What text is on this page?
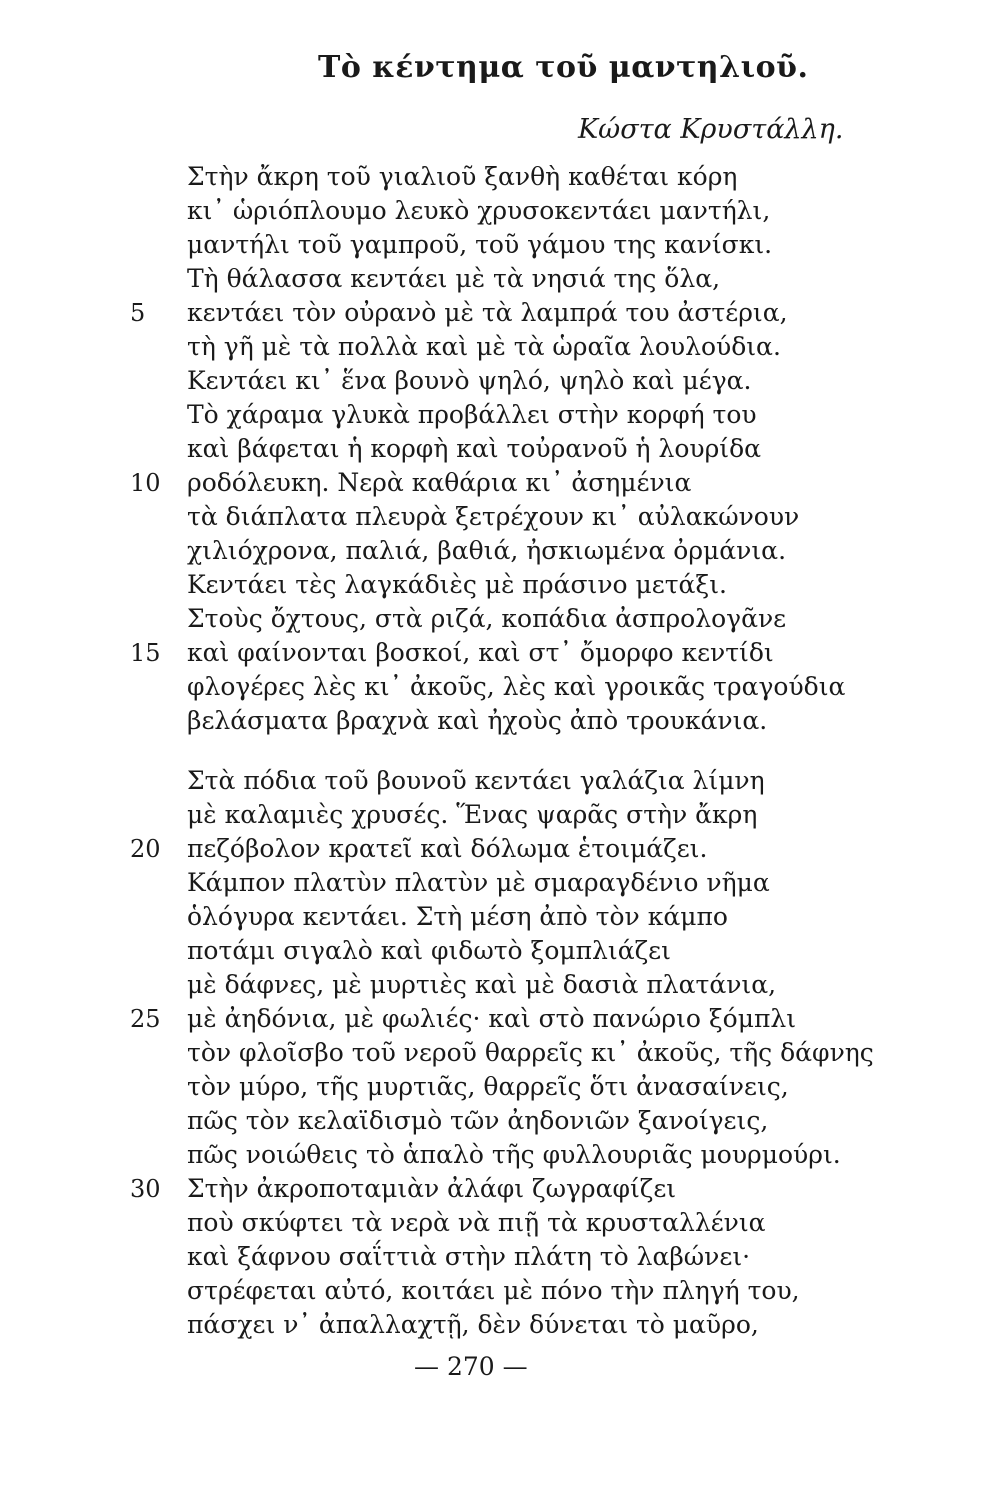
Τὸ κέντημα τοῦ μαντηλιοῦ.
Κώστα Κρυστάλλη.
Στὴν ἄκρη τοῦ γιαλιοῦ ξανθὴ καθέται κόρη
κι᾽ ὡριόπλουμο λευκὸ χρυσοκεντάει μαντήλι,
μαντήλι τοῦ γαμπροῦ, τοῦ γάμου της κανίσκι.
Τὴ θάλασσα κεντάει μὲ τὰ νησιά της ὅλα,
5 κεντάει τὸν οὐρανὸ μὲ τὰ λαμπρά του ἀστέρια,
τὴ γῆ μὲ τὰ πολλὰ καὶ μὲ τὰ ὡραῖα λουλούδια.
Κεντάει κι᾽ ἕνα βουνὸ ψηλό, ψηλὸ καὶ μέγα.
Τὸ χάραμα γλυκὰ προβάλλει στὴν κορφή του
καὶ βάφεται ἡ κορφὴ καὶ τοὐρανοῦ ἡ λουρίδα
10 ροδόλευκη. Νερὰ καθάρια κι᾽ ἀσημένια
τὰ διάπλατα πλευρὰ ξετρέχουν κι᾽ αὐλακώνουν
χιλιόχρονα, παλιά, βαθιά, ἠσκιωμένα ὀρμάνια.
Κεντάει τὲς λαγκάδιὲς μὲ πράσινο μετάξι.
Στοὺς ὄχτους, στὰ ριζά, κοπάδια ἀσπρολογᾶνε
15 καὶ φαίνονται βοσκοί, καὶ στ᾽ ὄμορφο κεντίδι
φλογέρες λὲς κι᾽ ἀκοῦς, λὲς καὶ γροικᾶς τραγούδια
βελάσματα βραχνὰ καὶ ἠχοὺς ἀπὸ τρουκάνια.
Στὰ πόδια τοῦ βουνοῦ κεντάει γαλάζια λίμνη
μὲ καλαμιὲς χρυσές. Ἕνας ψαρᾶς στὴν ἄκρη
20 πεζόβολον κρατεῖ καὶ δόλωμα ἑτοιμάζει.
Κάμπον πλατὺν πλατὺν μὲ σμαραγδένιο νῆμα
ὁλόγυρα κεντάει. Στὴ μέση ἀπὸ τὸν κάμπο
ποτάμι σιγαλὸ καὶ φιδωτὸ ξομπλιάζει
μὲ δάφνες, μὲ μυρτιὲς καὶ μὲ δασιὰ πλατάνια,
25 μὲ ἀηδόνια, μὲ φωλιές· καὶ στὸ πανώριο ξόμπλι
τὸν φλοῖσβο τοῦ νεροῦ θαρρεῖς κι᾽ ἀκοῦς, τῆς δάφνης
τὸν μύρο, τῆς μυρτιᾶς, θαρρεῖς ὅτι ἀνασαίνεις,
πῶς τὸν κελαϊδισμὸ τῶν ἀηδονιῶν ξανοίγεις,
πῶς νοιώθεις τὸ ἁπαλὸ τῆς φυλλουριᾶς μουρμούρι.
30 Στὴν ἀκροποταμιὰν ἀλάφι ζωγραφίζει
ποὺ σκύφτει τὰ νερὰ νὰ πιῇ τὰ κρυσταλλένια
καὶ ξάφνου σαΐττιὰ στὴν πλάτη τὸ λαβώνει·
στρέφεται αὐτό, κοιτάει μὲ πόνο τὴν πληγή του,
πάσχει ν᾽ ἀπαλλαχτῇ, δὲν δύνεται τὸ μαῦρο,
— 270 —
